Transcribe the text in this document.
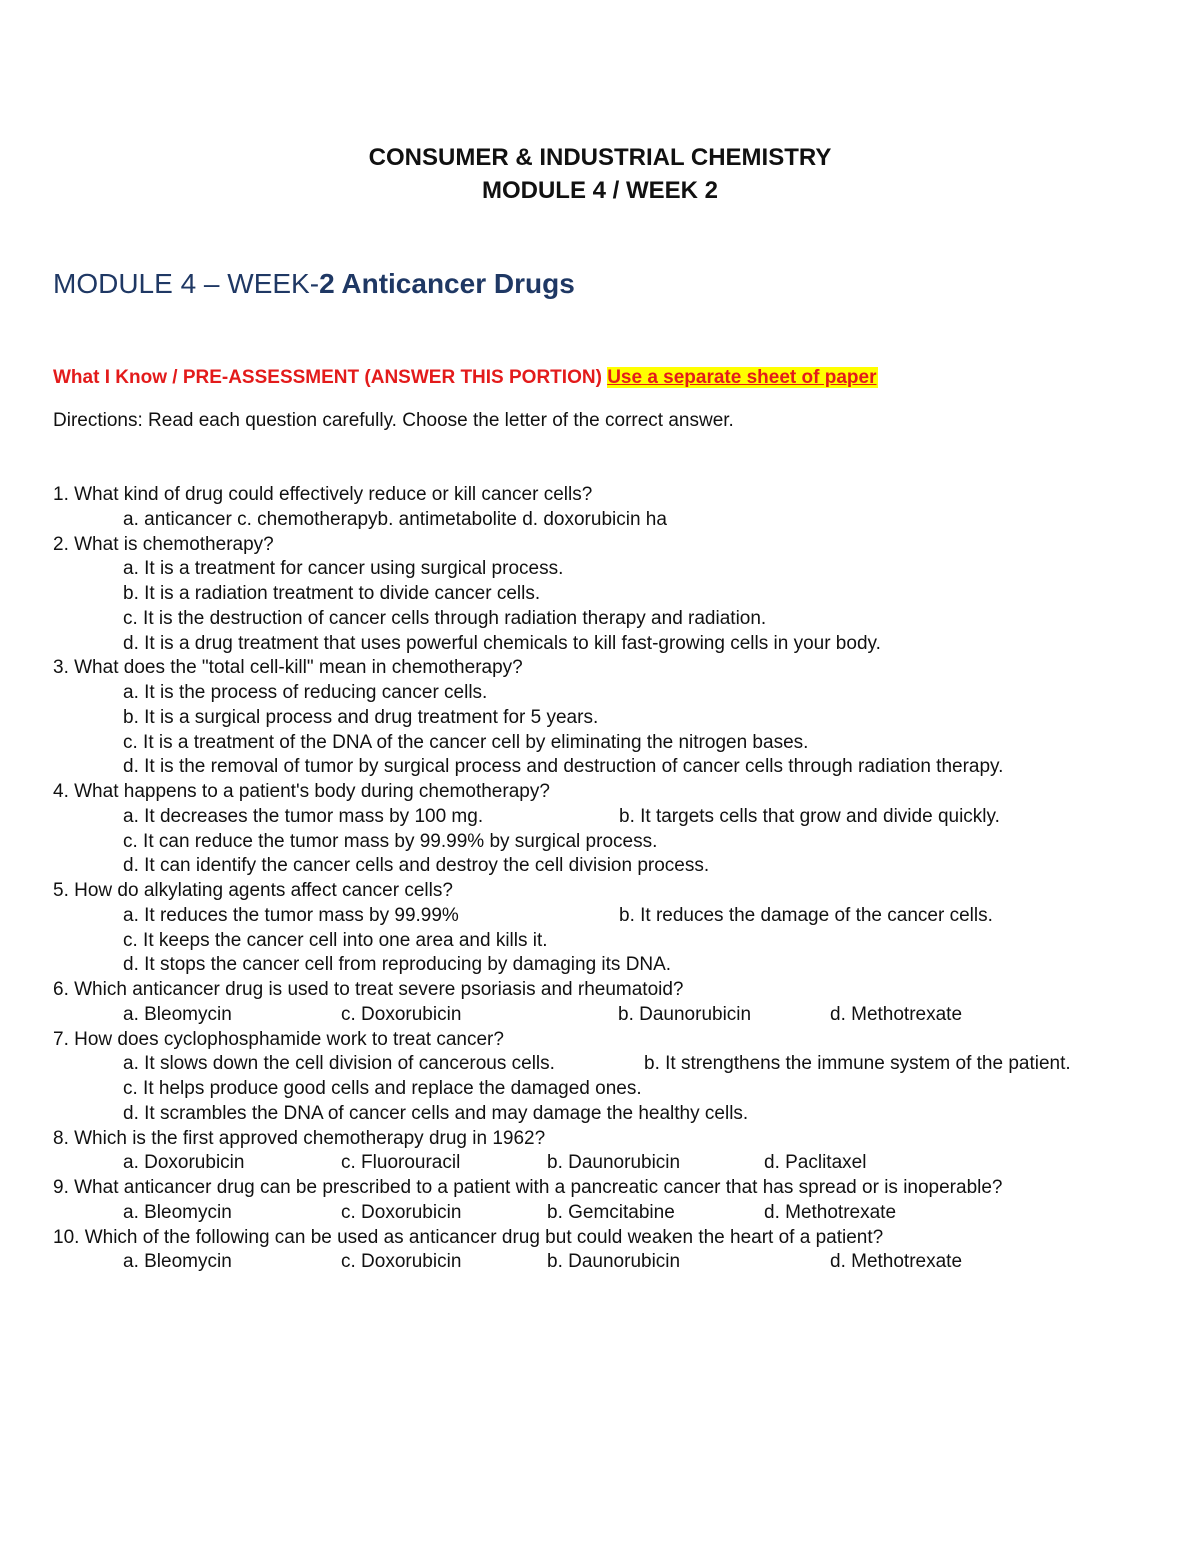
CONSUMER & INDUSTRIAL CHEMISTRY
MODULE 4 / WEEK 2
MODULE 4 – WEEK-2 Anticancer Drugs
What I Know / PRE-ASSESSMENT (ANSWER THIS PORTION) Use a separate sheet of paper
Directions: Read each question carefully. Choose the letter of the correct answer.
1. What kind of drug could effectively reduce or kill cancer cells?
a. anticancer c. chemotherapyb. antimetabolite d. doxorubicin ha
2. What is chemotherapy?
a. It is a treatment for cancer using surgical process.
b. It is a radiation treatment to divide cancer cells.
c. It is the destruction of cancer cells through radiation therapy and radiation.
d. It is a drug treatment that uses powerful chemicals to kill fast-growing cells in your body.
3. What does the "total cell-kill" mean in chemotherapy?
a. It is the process of reducing cancer cells.
b. It is a surgical process and drug treatment for 5 years.
c. It is a treatment of the DNA of the cancer cell by eliminating the nitrogen bases.
d. It is the removal of tumor by surgical process and destruction of cancer cells through radiation therapy.
4. What happens to a patient's body during chemotherapy?
a. It decreases the tumor mass by 100 mg.	b. It targets cells that grow and divide quickly.
c. It can reduce the tumor mass by 99.99% by surgical process.
d. It can identify the cancer cells and destroy the cell division process.
5. How do alkylating agents affect cancer cells?
a. It reduces the tumor mass by 99.99%	b. It reduces the damage of the cancer cells.
c. It keeps the cancer cell into one area and kills it.
d. It stops the cancer cell from reproducing by damaging its DNA.
6. Which anticancer drug is used to treat severe psoriasis and rheumatoid?
a. Bleomycin	c. Doxorubicin	b. Daunorubicin	d. Methotrexate
7. How does cyclophosphamide work to treat cancer?
a. It slows down the cell division of cancerous cells.	b. It strengthens the immune system of the patient.
c. It helps produce good cells and replace the damaged ones.
d. It scrambles the DNA of cancer cells and may damage the healthy cells.
8. Which is the first approved chemotherapy drug in 1962?
a. Doxorubicin	c. Fluorouracil	b. Daunorubicin	d. Paclitaxel
9. What anticancer drug can be prescribed to a patient with a pancreatic cancer that has spread or is inoperable?
a. Bleomycin	c. Doxorubicin	b. Gemcitabine	d. Methotrexate
10. Which of the following can be used as anticancer drug but could weaken the heart of a patient?
a. Bleomycin	c. Doxorubicin	b. Daunorubicin	d. Methotrexate
